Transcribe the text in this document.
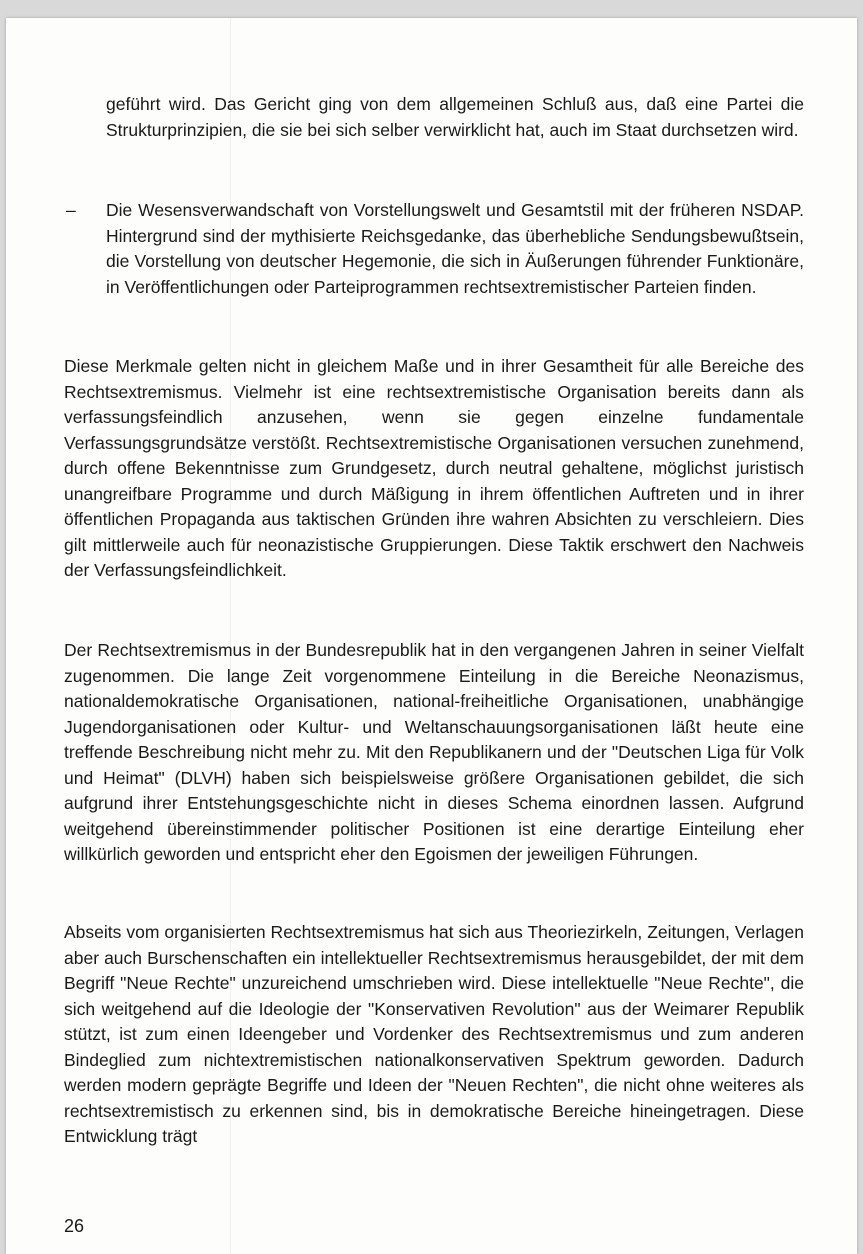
geführt wird. Das Gericht ging von dem allgemeinen Schluß aus, daß eine Partei die Strukturprinzipien, die sie bei sich selber verwirklicht hat, auch im Staat durchsetzen wird.

– Die Wesensverwandschaft von Vorstellungswelt und Gesamtstil mit der früheren NSDAP. Hintergrund sind der mythisierte Reichsgedanke, das überhebliche Sendungsbewußtsein, die Vorstellung von deutscher Hegemonie, die sich in Äußerungen führender Funktionäre, in Veröffentlichungen oder Parteiprogrammen rechtsextremistischer Parteien finden.

Diese Merkmale gelten nicht in gleichem Maße und in ihrer Gesamtheit für alle Bereiche des Rechtsextremismus. Vielmehr ist eine rechtsextremistische Organisation bereits dann als verfassungsfeindlich anzusehen, wenn sie gegen einzelne fundamentale Verfassungsgrundsätze verstößt. Rechtsextremistische Organisationen versuchen zunehmend, durch offene Bekenntnisse zum Grundgesetz, durch neutral gehaltene, möglichst juristisch unangreifbare Programme und durch Mäßigung in ihrem öffentlichen Auftreten und in ihrer öffentlichen Propaganda aus taktischen Gründen ihre wahren Absichten zu verschleiern. Dies gilt mittlerweile auch für neonazistische Gruppierungen. Diese Taktik erschwert den Nachweis der Verfassungsfeindlichkeit.

Der Rechtsextremismus in der Bundesrepublik hat in den vergangenen Jahren in seiner Vielfalt zugenommen. Die lange Zeit vorgenommene Einteilung in die Bereiche Neonazismus, nationaldemokratische Organisationen, national-freiheitliche Organisationen, unabhängige Jugendorganisationen oder Kultur- und Weltanschauungsorganisationen läßt heute eine treffende Beschreibung nicht mehr zu. Mit den Republikanern und der "Deutschen Liga für Volk und Heimat" (DLVH) haben sich beispielsweise größere Organisationen gebildet, die sich aufgrund ihrer Entstehungsgeschichte nicht in dieses Schema einordnen lassen. Aufgrund weitgehend übereinstimmender politischer Positionen ist eine derartige Einteilung eher willkürlich geworden und entspricht eher den Egoismen der jeweiligen Führungen.

Abseits vom organisierten Rechtsextremismus hat sich aus Theoriezirkeln, Zeitungen, Verlagen aber auch Burschenschaften ein intellektueller Rechtsextremismus herausgebildet, der mit dem Begriff "Neue Rechte" unzureichend umschrieben wird. Diese intellektuelle "Neue Rechte", die sich weitgehend auf die Ideologie der "Konservativen Revolution" aus der Weimarer Republik stützt, ist zum einen Ideengeber und Vordenker des Rechtsextremismus und zum anderen Bindeglied zum nichtextremistischen nationalkonservativen Spektrum geworden. Dadurch werden modern geprägte Begriffe und Ideen der "Neuen Rechten", die nicht ohne weiteres als rechtsextremistisch zu erkennen sind, bis in demokratische Bereiche hineingetragen. Diese Entwicklung trägt

26
